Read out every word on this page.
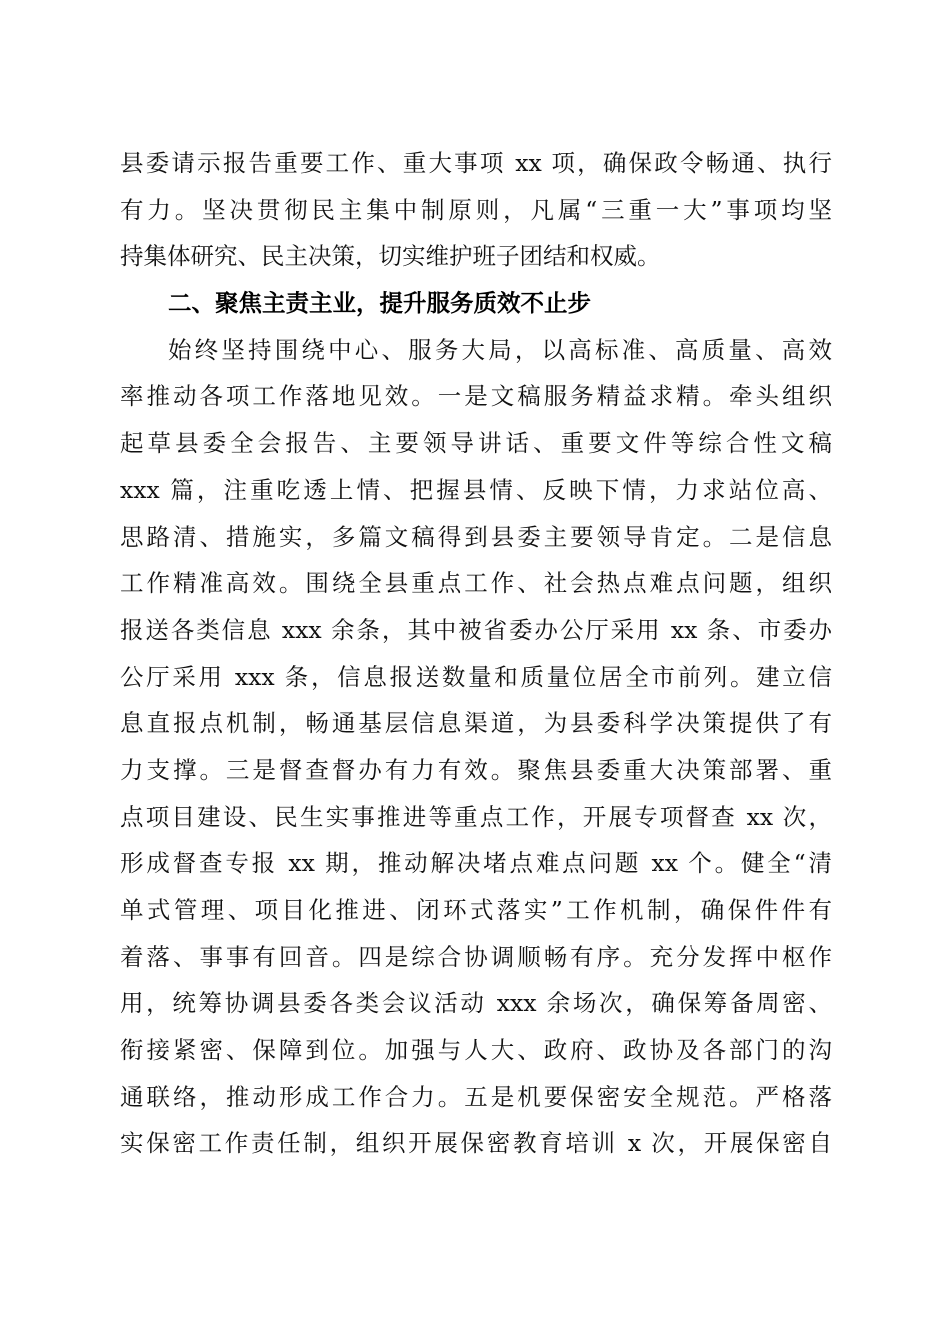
县委请示报告重要工作、重大事项 xx 项，确保政令畅通、执行
有力。坚决贯彻民主集中制原则，凡属“三重一大”事项均坚
持集体研究、民主决策，切实维护班子团结和权威。
二、聚焦主责主业，提升服务质效不止步
始终坚持围绕中心、服务大局，以高标准、高质量、高效
率推动各项工作落地见效。一是文稿服务精益求精。牵头组织
起草县委全会报告、主要领导讲话、重要文件等综合性文稿
xxx 篇，注重吃透上情、把握县情、反映下情，力求站位高、
思路清、措施实，多篇文稿得到县委主要领导肯定。二是信息
工作精准高效。围绕全县重点工作、社会热点难点问题，组织
报送各类信息 xxx 余条，其中被省委办公厅采用 xx 条、市委办
公厅采用 xxx 条，信息报送数量和质量位居全市前列。建立信
息直报点机制，畅通基层信息渠道，为县委科学决策提供了有
力支撑。三是督查督办有力有效。聚焦县委重大决策部署、重
点项目建设、民生实事推进等重点工作，开展专项督查 xx 次，
形成督查专报 xx 期，推动解决堵点难点问题 xx 个。健全“清
单式管理、项目化推进、闭环式落实”工作机制，确保件件有
着落、事事有回音。四是综合协调顺畅有序。充分发挥中枢作
用，统筹协调县委各类会议活动 xxx 余场次，确保筹备周密、
衔接紧密、保障到位。加强与人大、政府、政协及各部门的沟
通联络，推动形成工作合力。五是机要保密安全规范。严格落
实保密工作责任制，组织开展保密教育培训 x 次，开展保密自
